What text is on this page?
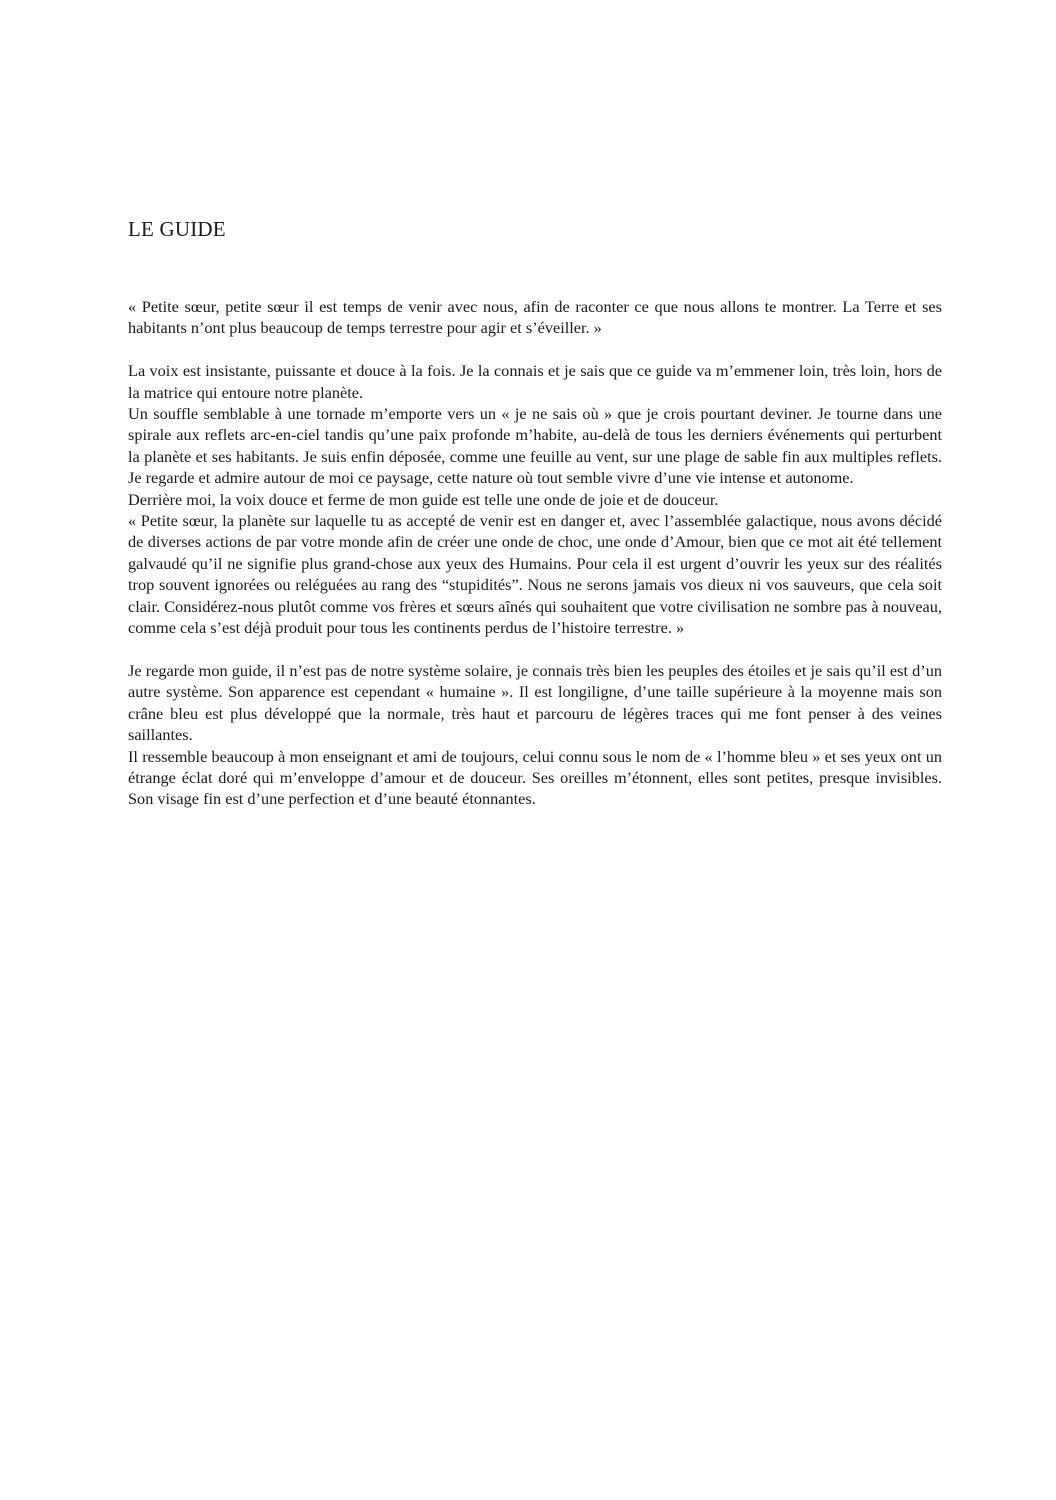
LE GUIDE

« Petite sœur, petite sœur il est temps de venir avec nous, afin de raconter ce que nous allons te montrer. La Terre et ses habitants n’ont plus beaucoup de temps terrestre pour agir et s’éveiller. »

La voix est insistante, puissante et douce à la fois. Je la connais et je sais que ce guide va m’emmener loin, très loin, hors de la matrice qui entoure notre planète.

Un souffle semblable à une tornade m’emporte vers un « je ne sais où » que je crois pourtant deviner. Je tourne dans une spirale aux reflets arc-en-ciel tandis qu’une paix profonde m’habite, au-delà de tous les derniers événements qui perturbent la planète et ses habitants. Je suis enfin déposée, comme une feuille au vent, sur une plage de sable fin aux multiples reflets. Je regarde et admire autour de moi ce paysage, cette nature où tout semble vivre d’une vie intense et autonome.

Derrière moi, la voix douce et ferme de mon guide est telle une onde de joie et de douceur.

« Petite sœur, la planète sur laquelle tu as accepté de venir est en danger et, avec l’assemblée galactique, nous avons décidé de diverses actions de par votre monde afin de créer une onde de choc, une onde d’Amour, bien que ce mot ait été tellement galvaudé qu’il ne signifie plus grand-chose aux yeux des Humains. Pour cela il est urgent d’ouvrir les yeux sur des réalités trop souvent ignorées ou reléguées au rang des “stupidités”. Nous ne serons jamais vos dieux ni vos sauveurs, que cela soit clair. Considérez-nous plutôt comme vos frères et sœurs aînés qui souhaitent que votre civilisation ne sombre pas à nouveau, comme cela s’est déjà produit pour tous les continents perdus de l’histoire terrestre. »

Je regarde mon guide, il n’est pas de notre système solaire, je connais très bien les peuples des étoiles et je sais qu’il est d’un autre système. Son apparence est cependant « humaine ». Il est longiligne, d’une taille supérieure à la moyenne mais son crâne bleu est plus développé que la normale, très haut et parcouru de légères traces qui me font penser à des veines saillantes.

Il ressemble beaucoup à mon enseignant et ami de toujours, celui connu sous le nom de « l’homme bleu » et ses yeux ont un étrange éclat doré qui m’enveloppe d’amour et de douceur. Ses oreilles m’étonnent, elles sont petites, presque invisibles. Son visage fin est d’une perfection et d’une beauté étonnantes.
